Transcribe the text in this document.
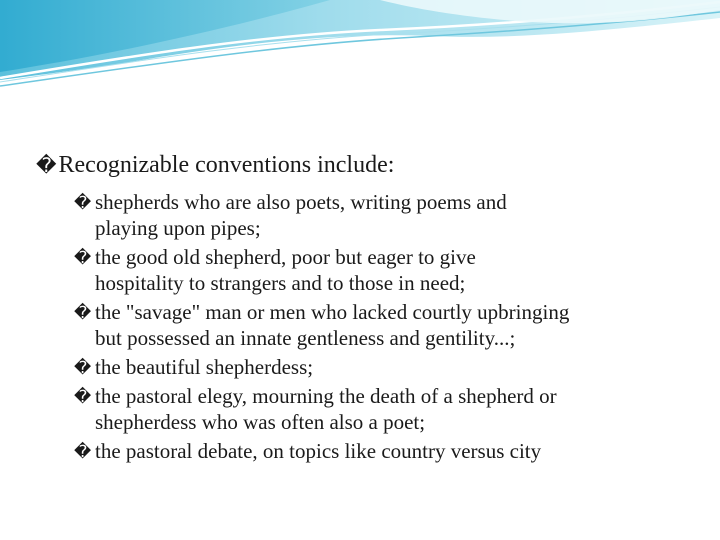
�Recognizable conventions include:
� shepherds who are also poets, writing poems and
playing upon pipes;
� the good old shepherd, poor but eager to give
hospitality to strangers and to those in need;
� the "savage" man or men who lacked courtly upbringing
but possessed an innate gentleness and gentility...;
� the beautiful shepherdess;
� the pastoral elegy, mourning the death of a shepherd or
shepherdess who was often also a poet;
� the pastoral debate, on topics like country versus city
